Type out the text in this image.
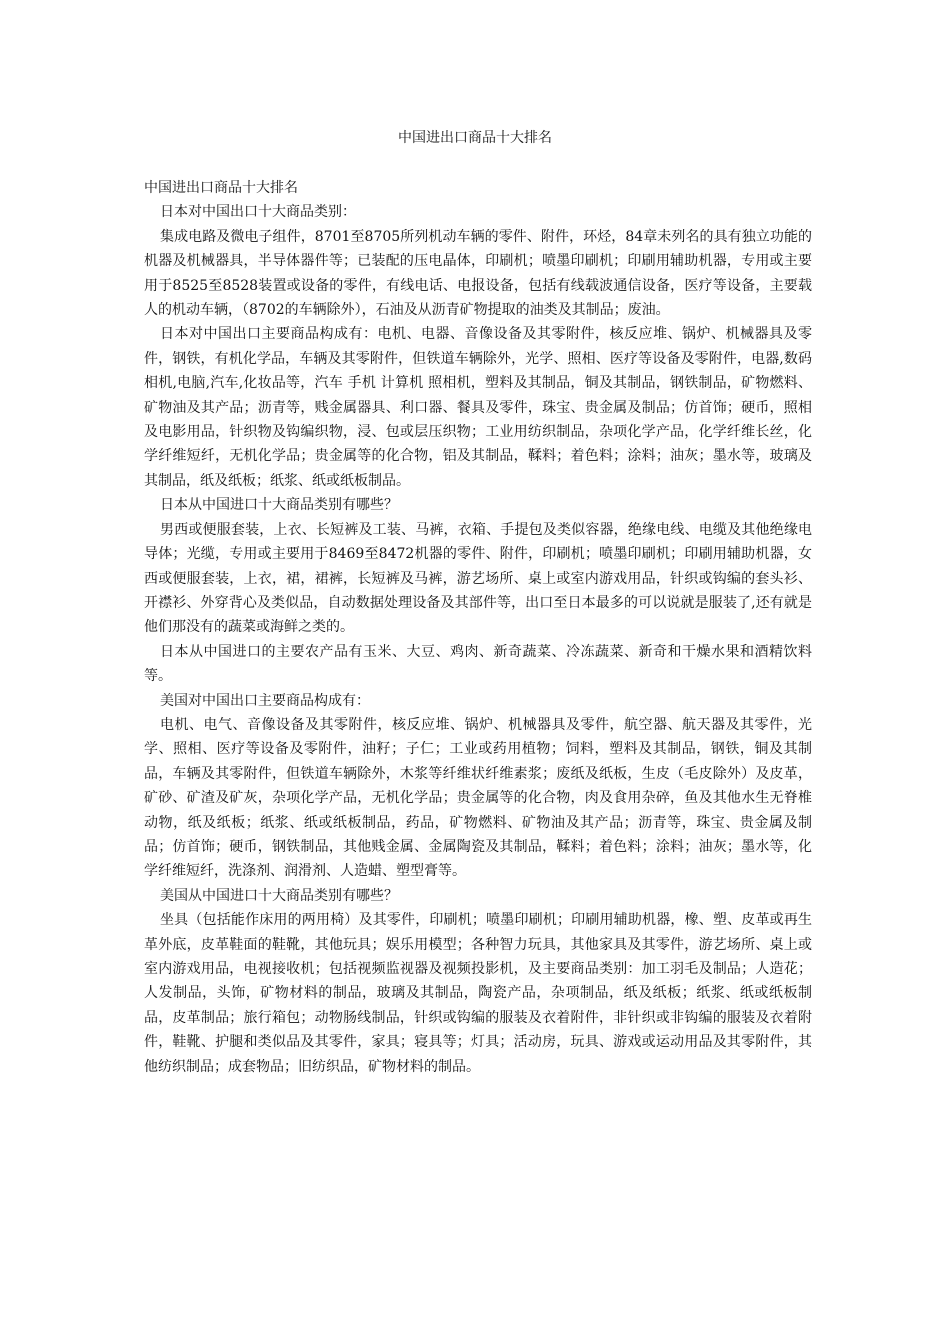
中国进出口商品十大排名

中国进出口商品十大排名

日本对中国出口十大商品类别：

集成电路及微电子组件，8701至8705所列机动车辆的零件、附件，环烃，84章未列名的具有独立功能的机器及机械器具，半导体器件等；已装配的压电晶体，印刷机；喷墨印刷机；印刷用辅助机器，专用或主要用于8525至8528装置或设备的零件，有线电话、电报设备，包括有线载波通信设备，医疗等设备，主要载人的机动车辆，（8702的车辆除外），石油及从沥青矿物提取的油类及其制品；废油。

日本对中国出口主要商品构成有：电机、电器、音像设备及其零附件，核反应堆、锅炉、机械器具及零件，钢铁，有机化学品，车辆及其零附件，但铁道车辆除外，光学、照相、医疗等设备及零附件，电器,数码相机,电脑,汽车,化妆品等，汽车 手机 计算机 照相机，塑料及其制品，铜及其制品，钢铁制品，矿物燃料、矿物油及其产品；沥青等，贱金属器具、利口器、餐具及零件，珠宝、贵金属及制品；仿首饰；硬币，照相及电影用品，针织物及钩编织物，浸、包或层压织物；工业用纺织制品，杂项化学产品，化学纤维长丝，化学纤维短纤，无机化学品；贵金属等的化合物，铝及其制品，鞣料；着色料；涂料；油灰；墨水等，玻璃及其制品，纸及纸板；纸浆、纸或纸板制品。

日本从中国进口十大商品类别有哪些？

男西或便服套装，上衣、长短裤及工装、马裤，衣箱、手提包及类似容器，绝缘电线、电缆及其他绝缘电导体；光缆，专用或主要用于8469至8472机器的零件、附件，印刷机；喷墨印刷机；印刷用辅助机器，女西或便服套装，上衣，裙，裙裤，长短裤及马裤，游艺场所、桌上或室内游戏用品，针织或钩编的套头衫、开襟衫、外穿背心及类似品，自动数据处理设备及其部件等，出口至日本最多的可以说就是服装了,还有就是他们那没有的蔬菜或海鲜之类的。

日本从中国进口的主要农产品有玉米、大豆、鸡肉、新奇蔬菜、冷冻蔬菜、新奇和干燥水果和酒精饮料等。

美国对中国出口主要商品构成有：

电机、电气、音像设备及其零附件，核反应堆、锅炉、机械器具及零件，航空器、航天器及其零件，光学、照相、医疗等设备及零附件，油籽；子仁；工业或药用植物；饲料，塑料及其制品，钢铁，铜及其制品，车辆及其零附件，但铁道车辆除外，木浆等纤维状纤维素浆；废纸及纸板，生皮（毛皮除外）及皮革，矿砂、矿渣及矿灰，杂项化学产品，无机化学品；贵金属等的化合物，肉及食用杂碎，鱼及其他水生无脊椎动物，纸及纸板；纸浆、纸或纸板制品，药品，矿物燃料、矿物油及其产品；沥青等，珠宝、贵金属及制品；仿首饰；硬币，钢铁制品，其他贱金属、金属陶瓷及其制品，鞣料；着色料；涂料；油灰；墨水等，化学纤维短纤，洗涤剂、润滑剂、人造蜡、塑型膏等。

美国从中国进口十大商品类别有哪些？

坐具（包括能作床用的两用椅）及其零件，印刷机；喷墨印刷机；印刷用辅助机器，橡、塑、皮革或再生革外底，皮革鞋面的鞋靴，其他玩具；娱乐用模型；各种智力玩具，其他家具及其零件，游艺场所、桌上或室内游戏用品，电视接收机；包括视频监视器及视频投影机，及主要商品类别：加工羽毛及制品；人造花；人发制品，头饰，矿物材料的制品，玻璃及其制品，陶瓷产品，杂项制品，纸及纸板；纸浆、纸或纸板制品，皮革制品；旅行箱包；动物肠线制品，针织或钩编的服装及衣着附件，非针织或非钩编的服装及衣着附件，鞋靴、护腿和类似品及其零件，家具；寝具等；灯具；活动房，玩具、游戏或运动用品及其零附件，其他纺织制品；成套物品；旧纺织品，矿物材料的制品。
